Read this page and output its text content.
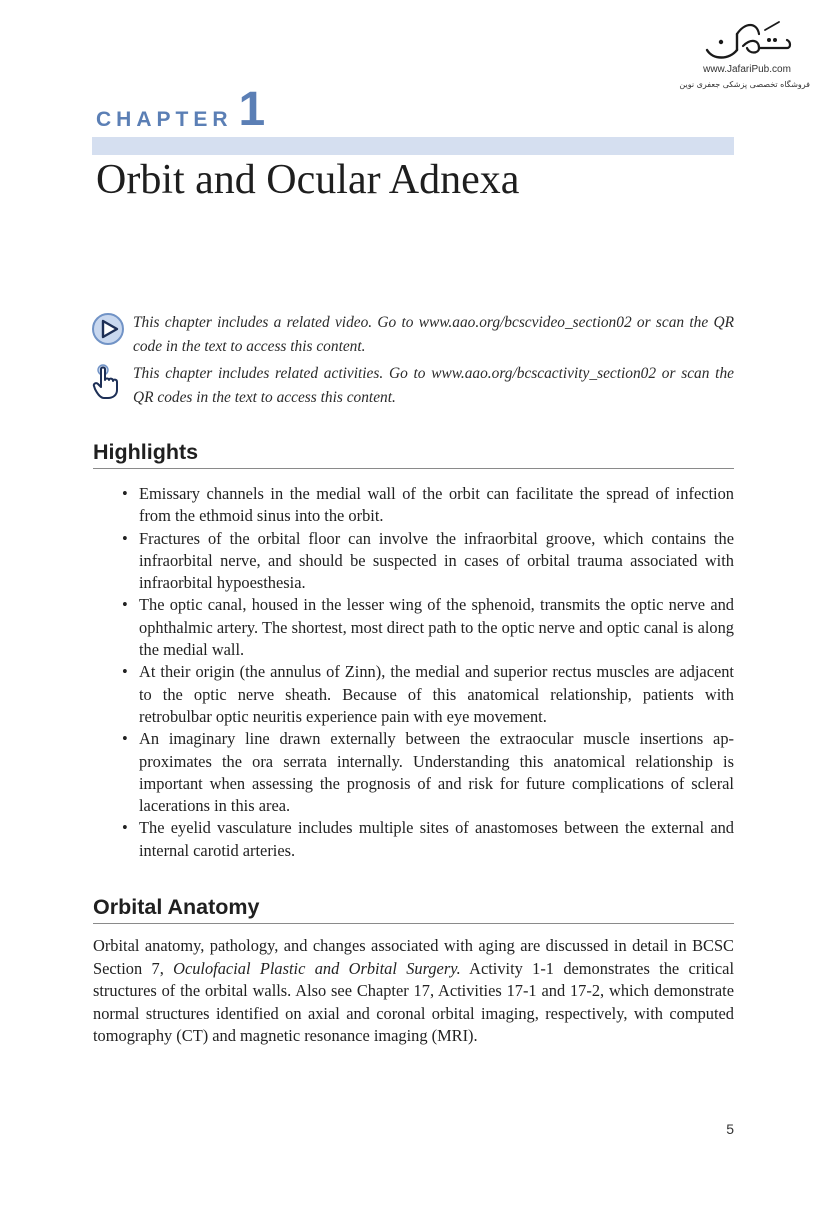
www.JafariPub.com
فروشگاه تخصصی پزشکی جعفری نوین
CHAPTER 1
Orbit and Ocular Adnexa

This chapter includes a related video. Go to www.aao.org/bcscvideo_section02 or scan the QR code in the text to access this content.

This chapter includes related activities. Go to www.aao.org/bcscactivity_section02 or scan the QR codes in the text to access this content.

Highlights
• Emissary channels in the medial wall of the orbit can facilitate the spread of infection from the ethmoid sinus into the orbit.
• Fractures of the orbital floor can involve the infraorbital groove, which contains the infraorbital nerve, and should be suspected in cases of orbital trauma associated with infraorbital hypoesthesia.
• The optic canal, housed in the lesser wing of the sphenoid, transmits the optic nerve and ophthalmic artery. The shortest, most direct path to the optic nerve and optic canal is along the medial wall.
• At their origin (the annulus of Zinn), the medial and superior rectus muscles are adjacent to the optic nerve sheath. Because of this anatomical relationship, patients with retrobulbar optic neuritis experience pain with eye movement.
• An imaginary line drawn externally between the extraocular muscle insertions approximates the ora serrata internally. Understanding this anatomical relationship is important when assessing the prognosis of and risk for future complications of scleral lacerations in this area.
• The eyelid vasculature includes multiple sites of anastomoses between the external and internal carotid arteries.
Orbital Anatomy

Orbital anatomy, pathology, and changes associated with aging are discussed in detail in BCSC Section 7, Oculofacial Plastic and Orbital Surgery. Activity 1-1 demonstrates the critical structures of the orbital walls. Also see Chapter 17, Activities 17-1 and 17-2, which demonstrate normal structures identified on axial and coronal orbital imaging, respectively, with computed tomography (CT) and magnetic resonance imaging (MRI).

5
